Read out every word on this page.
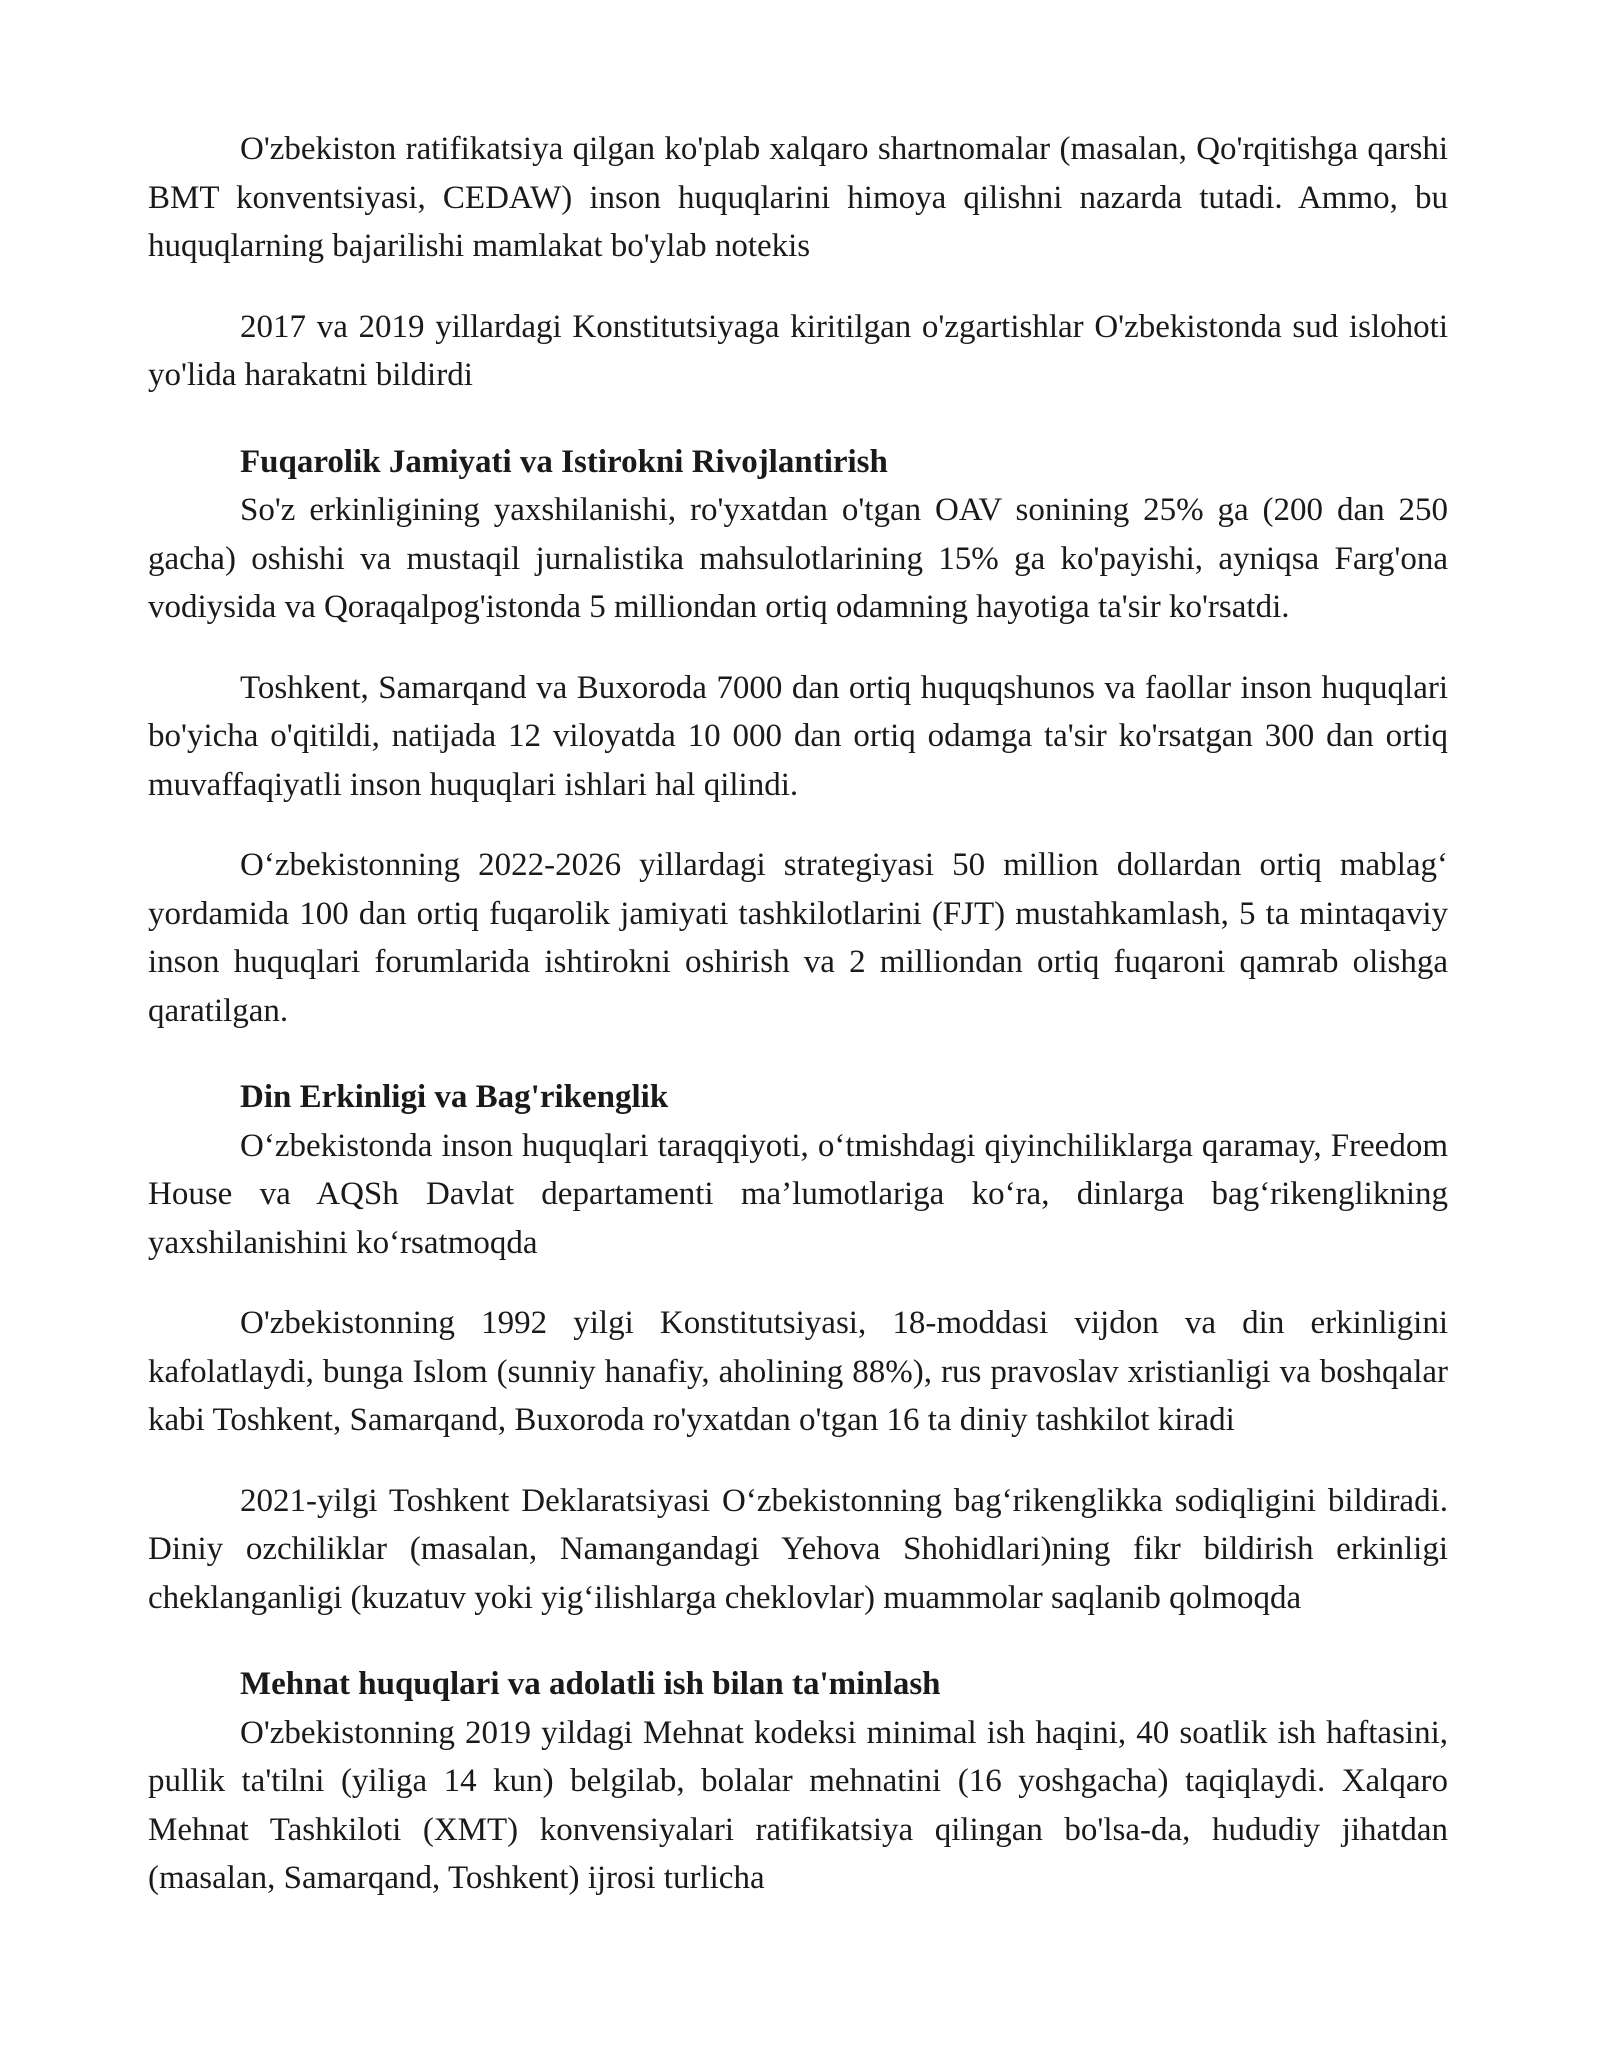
O'zbekiston ratifikatsiya qilgan ko'plab xalqaro shartnomalar (masalan, Qo'rqitishga qarshi BMT konventsiyasi, CEDAW) inson huquqlarini himoya qilishni nazarda tutadi. Ammo, bu huquqlarning bajarilishi mamlakat bo'ylab notekis

2017 va 2019 yillardagi Konstitutsiyaga kiritilgan o'zgartishlar O'zbekistonda sud islohoti yo'lida harakatni bildirdi

Fuqarolik Jamiyati va Istirokni Rivojlantirish

So'z erkinligining yaxshilanishi, ro'yxatdan o'tgan OAV sonining 25% ga (200 dan 250 gacha) oshishi va mustaqil jurnalistika mahsulotlarining 15% ga ko'payishi, ayniqsa Farg'ona vodiysida va Qoraqalpog'istonda 5 milliondan ortiq odamning hayotiga ta'sir ko'rsatdi.

Toshkent, Samarqand va Buxoroda 7000 dan ortiq huquqshunos va faollar inson huquqlari bo'yicha o'qitildi, natijada 12 viloyatda 10 000 dan ortiq odamga ta'sir ko'rsatgan 300 dan ortiq muvaffaqiyatli inson huquqlari ishlari hal qilindi.

O‘zbekistonning 2022-2026 yillardagi strategiyasi 50 million dollardan ortiq mablag‘ yordamida 100 dan ortiq fuqarolik jamiyati tashkilotlarini (FJT) mustahkamlash, 5 ta mintaqaviy inson huquqlari forumlarida ishtirokni oshirish va 2 milliondan ortiq fuqaroni qamrab olishga qaratilgan.

Din Erkinligi va Bag'rikenglik

O‘zbekistonda inson huquqlari taraqqiyoti, o‘tmishdagi qiyinchiliklarga qaramay, Freedom House va AQSh Davlat departamenti ma’lumotlariga ko‘ra, dinlarga bag‘rikenglikning yaxshilanishini ko‘rsatmoqda

O'zbekistonning 1992 yilgi Konstitutsiyasi, 18-moddasi vijdon va din erkinligini kafolatlaydi, bunga Islom (sunniy hanafiy, aholining 88%), rus pravoslav xristianligi va boshqalar kabi Toshkent, Samarqand, Buxoroda ro'yxatdan o'tgan 16 ta diniy tashkilot kiradi

2021-yilgi Toshkent Deklaratsiyasi O‘zbekistonning bag‘rikenglikka sodiqligini bildiradi. Diniy ozchiliklar (masalan, Namangandagi Yehova Shohidlari)ning fikr bildirish erkinligi cheklanganligi (kuzatuv yoki yig‘ilishlarga cheklovlar) muammolar saqlanib qolmoqda

Mehnat huquqlari va adolatli ish bilan ta'minlash

O'zbekistonning 2019 yildagi Mehnat kodeksi minimal ish haqini, 40 soatlik ish haftasini, pullik ta'tilni (yiliga 14 kun) belgilab, bolalar mehnatini (16 yoshgacha) taqiqlaydi. Xalqaro Mehnat Tashkiloti (XMT) konvensiyalari ratifikatsiya qilingan bo'lsa-da, hududiy jihatdan (masalan, Samarqand, Toshkent) ijrosi turlicha
